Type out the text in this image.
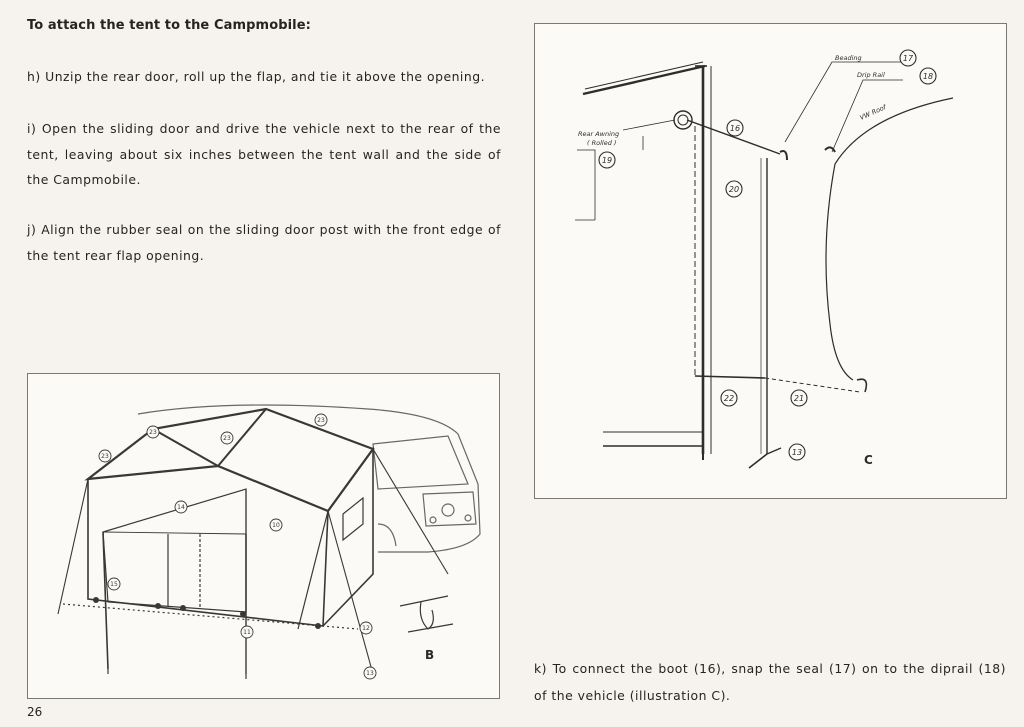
To attach the tent to the Campmobile:
h) Unzip the rear door, roll up the flap, and tie it above the opening.
i) Open the sliding door and drive the vehicle next to the rear of the tent, leaving about six inches between the tent wall and the side of the Campmobile.
j) Align the rubber seal on the sliding door post with the front edge of the tent rear flap opening.
23
23
23
23
14
10
15
11
12
13
B
17
18
16
19
20
22	21
13
Beading
Drip Rail
VW Roof
Rear Awning
( Rolled )
C
k) To connect the boot (16), snap the seal (17) on to the diprail (18) of the vehicle (illustration C).
26
